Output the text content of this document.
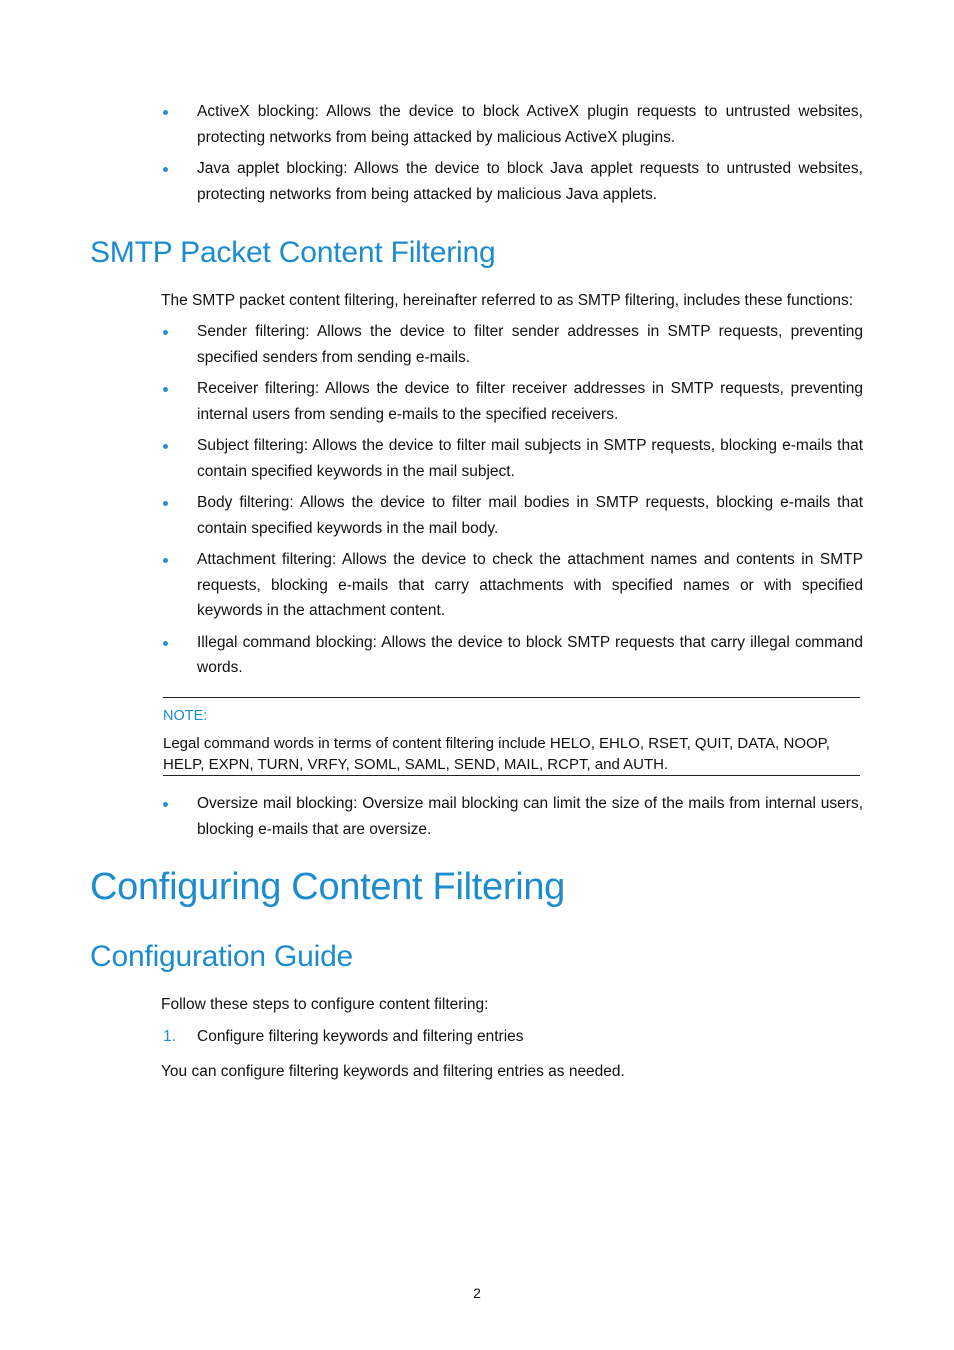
ActiveX blocking: Allows the device to block ActiveX plugin requests to untrusted websites, protecting networks from being attacked by malicious ActiveX plugins.
Java applet blocking: Allows the device to block Java applet requests to untrusted websites, protecting networks from being attacked by malicious Java applets.
SMTP Packet Content Filtering

The SMTP packet content filtering, hereinafter referred to as SMTP filtering, includes these functions:

Sender filtering: Allows the device to filter sender addresses in SMTP requests, preventing specified senders from sending e-mails.
Receiver filtering: Allows the device to filter receiver addresses in SMTP requests, preventing internal users from sending e-mails to the specified receivers.
Subject filtering: Allows the device to filter mail subjects in SMTP requests, blocking e-mails that contain specified keywords in the mail subject.
Body filtering: Allows the device to filter mail bodies in SMTP requests, blocking e-mails that contain specified keywords in the mail body.
Attachment filtering: Allows the device to check the attachment names and contents in SMTP requests, blocking e-mails that carry attachments with specified names or with specified keywords in the attachment content.
Illegal command blocking: Allows the device to block SMTP requests that carry illegal command words.
NOTE:
Legal command words in terms of content filtering include HELO, EHLO, RSET, QUIT, DATA, NOOP, HELP, EXPN, TURN, VRFY, SOML, SAML, SEND, MAIL, RCPT, and AUTH.
Oversize mail blocking: Oversize mail blocking can limit the size of the mails from internal users, blocking e-mails that are oversize.
Configuring Content Filtering
Configuration Guide

Follow these steps to configure content filtering:

1. Configure filtering keywords and filtering entries

You can configure filtering keywords and filtering entries as needed.

2
